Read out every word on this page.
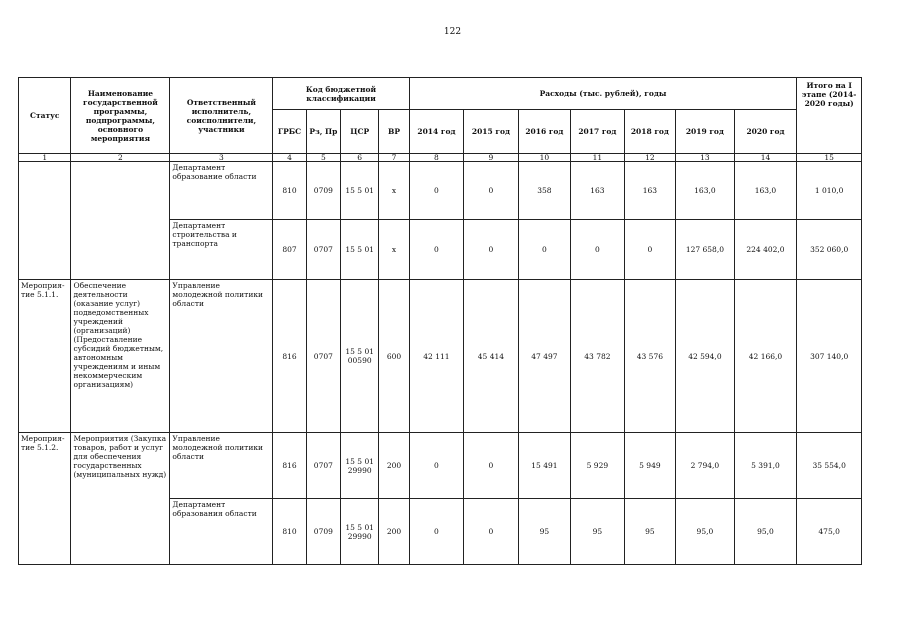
122
Статус	Наименование государственной программы, подпрограммы, основного мероприятия	Ответственный исполнитель, соисполнители, участники	Код бюджетной классификации				Расходы (тыс. рублей), годы							Итого на I этапе (2014-2020 годы)
			ГРБС	Рз, Пр	ЦСР	ВР	2014 год	2015 год	2016 год	2017 год	2018 год	2019 год	2020 год	
1	2	3	4	5	6	7	8	9	10	11	12	13	14	15
		Департамент образование области	810	0709	15 5 01	х	0	0	358	163	163	163,0	163,0	1 010,0
		Департамент строительства и транспорта	807	0707	15 5 01	х	0	0	0	0	0	127 658,0	224 402,0	352 060,0
Мероприя-тие 5.1.1.	Обеспечение деятельности (оказание услуг) подведомственных учреждений (организаций) (Предоставление субсидий бюджетным, автономным учреждениям и иным некоммерческим организациям)	Управление молодежной политики области	816	0707	15 5 01 00590	600	42 111	45 414	47 497	43 782	43 576	42 594,0	42 166,0	307 140,0
Мероприя-тие 5.1.2.	Мероприятия (Закупка товаров, работ и услуг для обеспечения государственных (муниципальных нужд)	Управление молодежной политики области	816	0707	15 5 01 29990	200	0	0	15 491	5 929	5 949	2 794,0	5 391,0	35 554,0
		Департамент образования области	810	0709	15 5 01 29990	200	0	0	95	95	95	95,0	95,0	475,0
